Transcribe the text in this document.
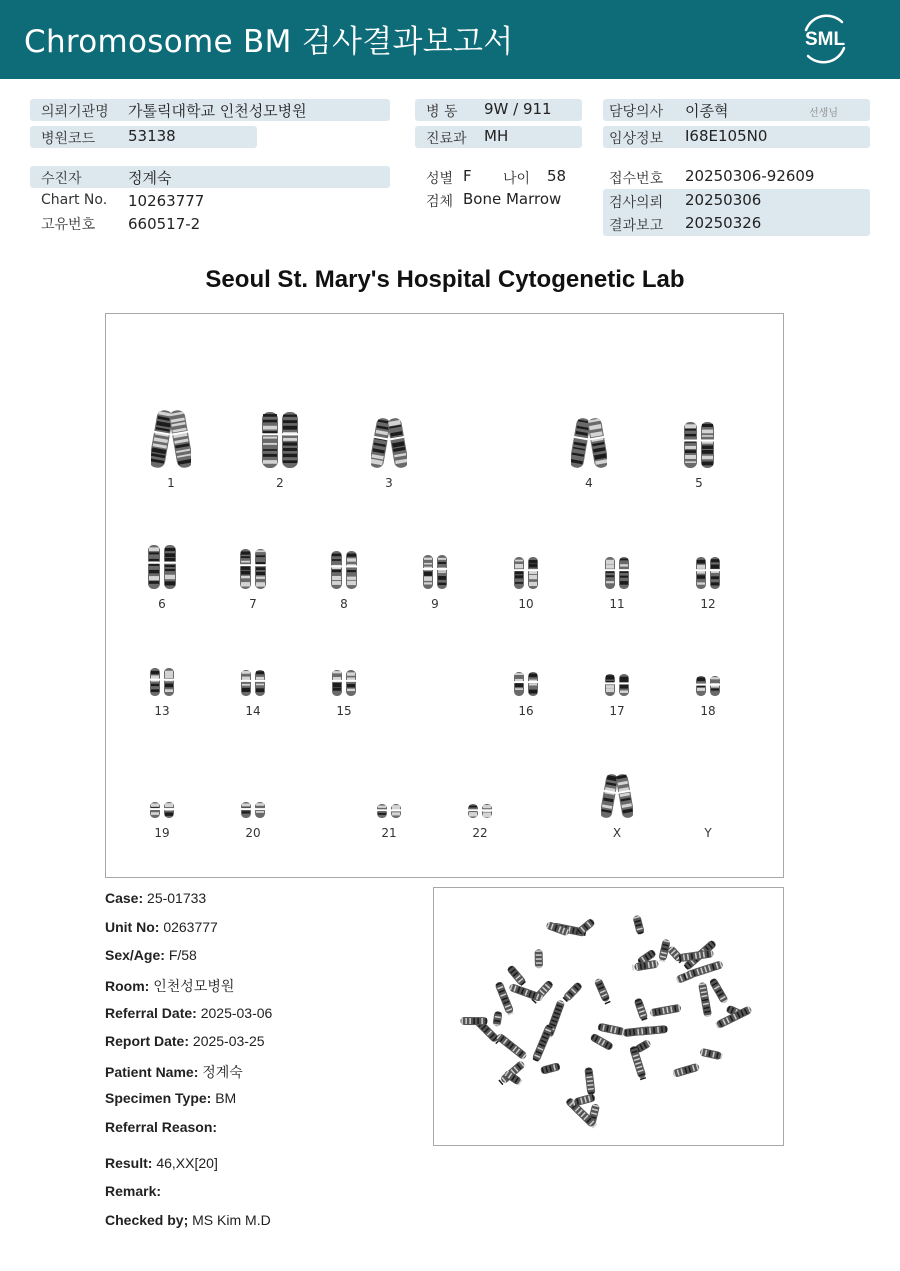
Chromosome BM 검사결과보고서	SML
의뢰기관명 가톨릭대학교 인천성모병원
병원코드 53138
수진자	정계숙
Chart No. 10263777
고유번호 660517-2
병 동 9W / 911
진료과 MH
성별 F 나이 58
검체 Bone Marrow
담당의사 이종혁	선생님
임상정보 I68E105N0
접수번호 20250306-92609
검사의뢰 20250306
결과보고 20250326
Seoul St. Mary's Hospital Cytogenetic Lab
1	2	3	4	5
6	7	8	9	10	11	12
13	14	15	16	17	18
19	20	21	22	X	Y
Case: 25-01733
Unit No: 0263777
Sex/Age: F/58
Room: 인천성모병원
Referral Date: 2025-03-06
Report Date: 2025-03-25
Patient Name: 정계숙
Specimen Type: BM
Referral Reason:
Result: 46,XX[20]
Remark:
Checked by; MS Kim M.D
